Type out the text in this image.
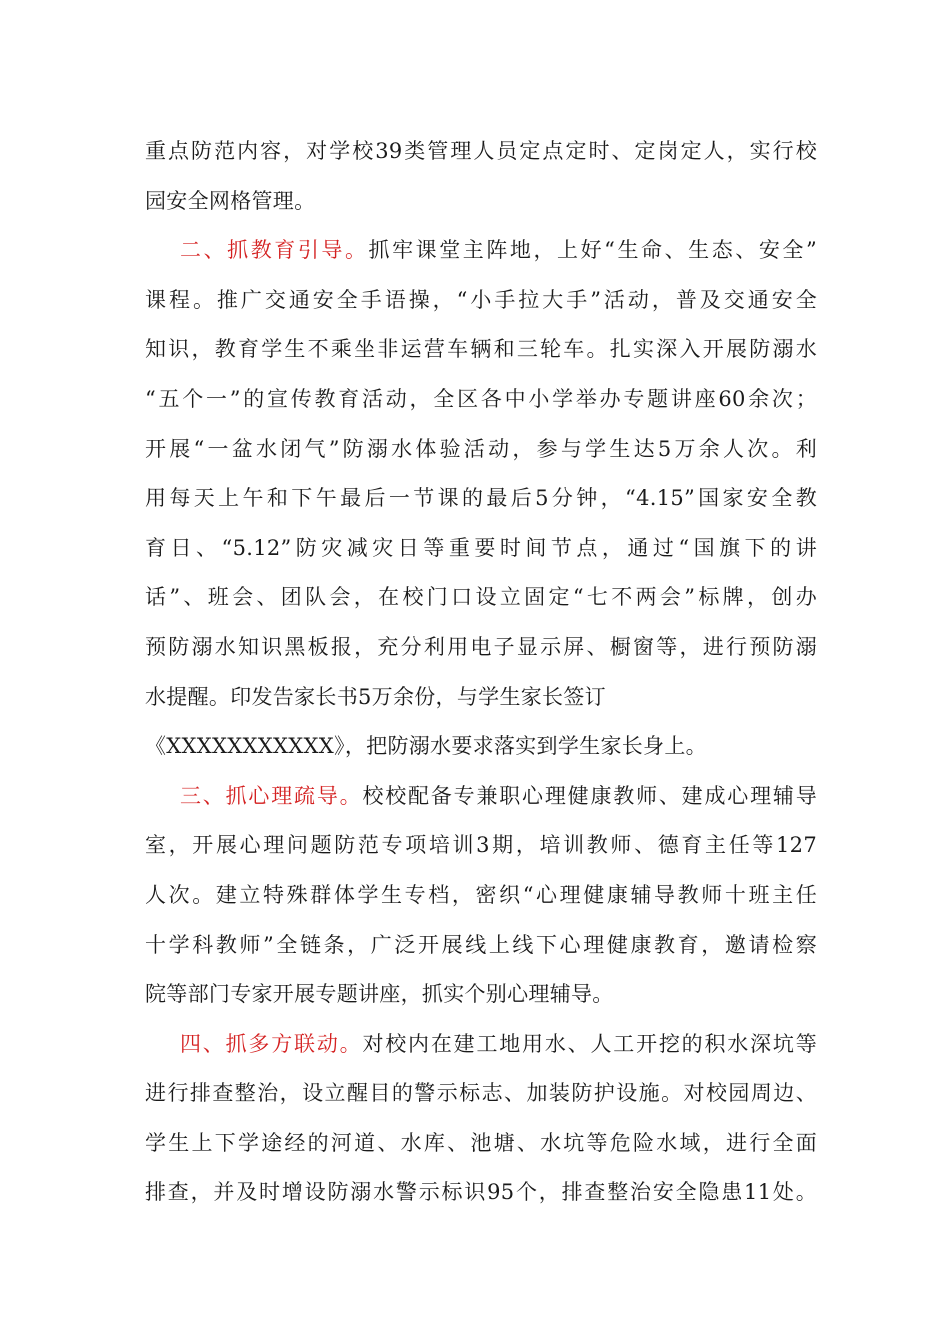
重点防范内容，对学校39类管理人员定点定时、定岗定人，实行校
园安全网格管理。
二、抓教育引导。抓牢课堂主阵地，上好“生命、生态、安全”
课程。推广交通安全手语操，“小手拉大手”活动，普及交通安全
知识，教育学生不乘坐非运营车辆和三轮车。扎实深入开展防溺水
“五个一”的宣传教育活动，全区各中小学举办专题讲座60余次；
开展“一盆水闭气”防溺水体验活动，参与学生达5万余人次。利
用每天上午和下午最后一节课的最后5分钟，“4.15”国家安全教
育日、“5.12”防灾减灾日等重要时间节点，通过“国旗下的讲
话”、班会、团队会，在校门口设立固定“七不两会”标牌，创办
预防溺水知识黑板报，充分利用电子显示屏、橱窗等，进行预防溺
水提醒。印发告家长书5万余份，与学生家长签订
《XXXXXXXXXXX》，把防溺水要求落实到学生家长身上。
三、抓心理疏导。校校配备专兼职心理健康教师、建成心理辅导
室，开展心理问题防范专项培训3期，培训教师、德育主任等127
人次。建立特殊群体学生专档，密织“心理健康辅导教师十班主任
十学科教师”全链条，广泛开展线上线下心理健康教育，邀请检察
院等部门专家开展专题讲座，抓实个别心理辅导。
四、抓多方联动。对校内在建工地用水、人工开挖的积水深坑等
进行排查整治，设立醒目的警示标志、加装防护设施。对校园周边、
学生上下学途经的河道、水库、池塘、水坑等危险水域，进行全面
排查，并及时增设防溺水警示标识95个，排查整治安全隐患11处。
